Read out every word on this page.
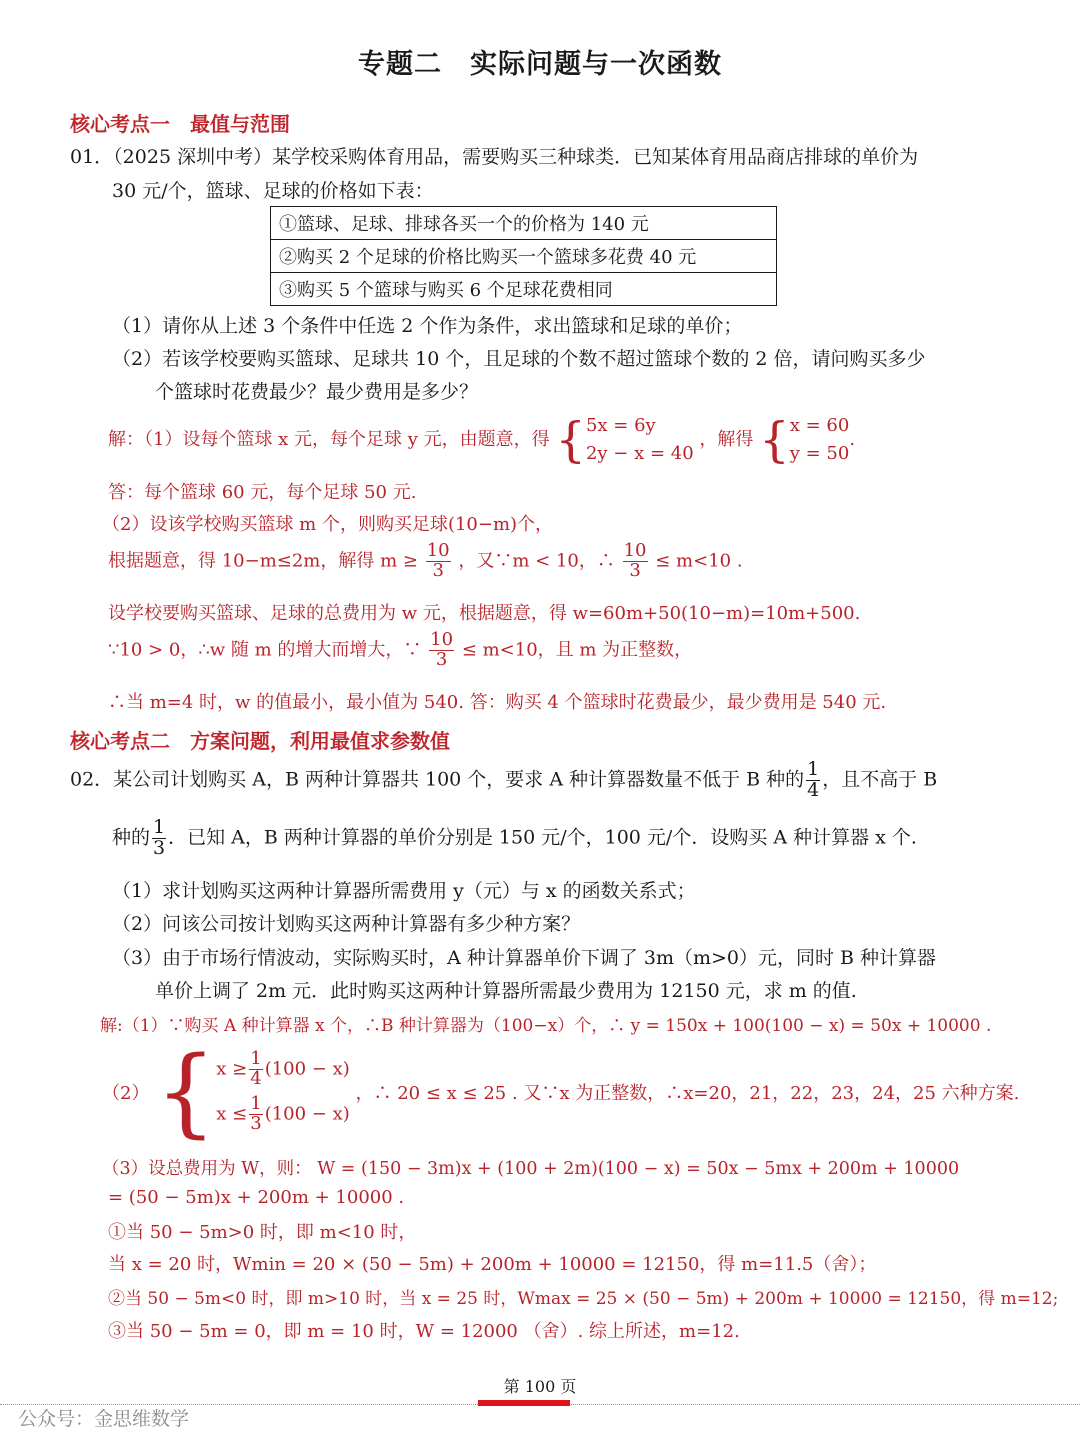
专题二　实际问题与一次函数
核心考点一　最值与范围
01．（2025 深圳中考）某学校采购体育用品，需要购买三种球类．已知某体育用品商店排球的单价为
30 元/个，篮球、足球的价格如下表：
①篮球、足球、排球各买一个的价格为 140 元
②购买 2 个足球的价格比购买一个篮球多花费 40 元
③购买 5 个篮球与购买 6 个足球花费相同
（1）请你从上述 3 个条件中任选 2 个作为条件，求出篮球和足球的单价；
（2）若该学校要购买篮球、足球共 10 个，且足球的个数不超过篮球个数的 2 倍，请问购买多少
个篮球时花费最少？最少费用是多少？
解：（1）设每个篮球 x 元，每个足球 y 元，由题意，得 { 5x = 6y
2y − x = 40
，解得 { x = 60
y = 50
.
答：每个篮球 60 元，每个足球 50 元.
（2）设该学校购买篮球 m 个，则购买足球(10−m)个，
根据题意，得 10−m≤2m，解得 $m \ge \frac{10}{3}$ ，又∵m < 10，∴ $\frac{10}{3} \le m<10$ .
设学校要购买篮球、足球的总费用为 w 元，根据题意，得 w=60m+50(10−m)=10m+500.
∵10 > 0，∴w 随 m 的增大而增大，∵ $\frac{10}{3} \le m<10$，且 m 为正整数，
∴当 m=4 时，w 的值最小，最小值为 540. 答：购买 4 个篮球时花费最少，最少费用是 540 元.
核心考点二　方案问题，利用最值求参数值
02．某公司计划购买 A，B 两种计算器共 100 个，要求 A 种计算器数量不低于 B 种的 $\frac{1}{4}$ ，且不高于 B
种的 $\frac{1}{3}$ ．已知 A，B 两种计算器的单价分别是 150 元/个，100 元/个．设购买 A 种计算器 x 个.
（1）求计划购买这两种计算器所需费用 y（元）与 x 的函数关系式；
（2）问该公司按计划购买这两种计算器有多少种方案？
（3）由于市场行情波动，实际购买时，A 种计算器单价下调了 3m（m>0）元，同时 B 种计算器
单价上调了 2m 元．此时购买这两种计算器所需最少费用为 12150 元，求 m 的值.
解:（1）∵购买 A 种计算器 x 个，∴B 种计算器为（100−x）个，∴ y = 150x + 100(100 − x) = 50x + 10000 .
（2） { $x \ge \frac{1}{4} (100 - x)$
$x \le \frac{1}{3} (100 - x)$
，∴ 20 ≤ x ≤ 25 . 又∵x 为正整数，∴x=20，21，22，23，24，25 六种方案.
（3）设总费用为 W，则： W = (150 − 3m)x + (100 + 2m)(100 − x) = 50x − 5mx + 200m + 10000
= (50 − 5m)x + 200m + 10000 .
①当 50 − 5m>0 时，即 m<10 时，
当 x = 20 时，Wmin = 20 × (50 − 5m) + 200m + 10000 = 12150，得 m=11.5（舍）；
②当 50 − 5m<0 时，即 m>10 时，当 x = 25 时，Wmax = 25 × (50 − 5m) + 200m + 10000 = 12150，得 m=12;
③当 50 − 5m = 0，即 m = 10 时，W = 12000 （舍）. 综上所述，m=12.
第 100 页
公众号：金思维数学
